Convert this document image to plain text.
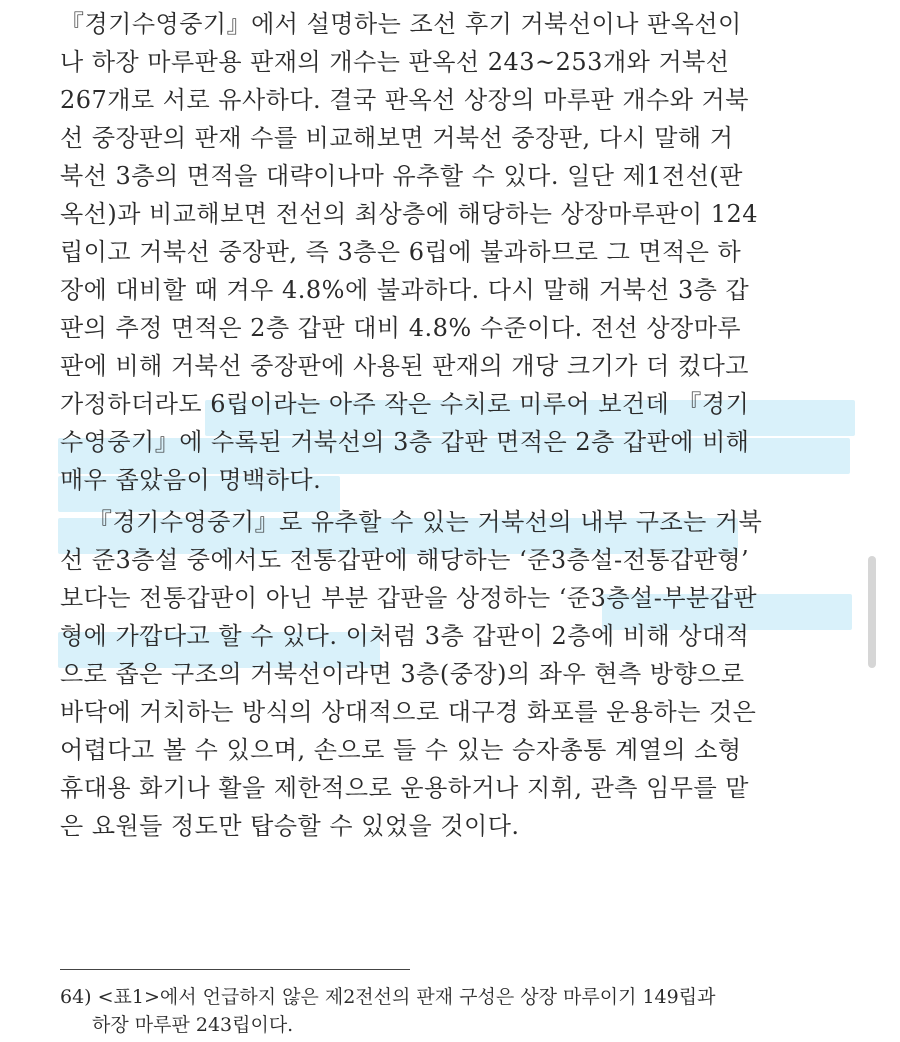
『경기수영중기』에서 설명하는 조선 후기 거북선이나 판옥선이
나 하장 마루판용 판재의 개수는 판옥선 243~253개와 거북선
267개로 서로 유사하다. 결국 판옥선 상장의 마루판 개수와 거북
선 중장판의 판재 수를 비교해보면 거북선 중장판, 다시 말해 거
북선 3층의 면적을 대략이나마 유추할 수 있다. 일단 제1전선(판
옥선)과 비교해보면 전선의 최상층에 해당하는 상장마루판이 124
립이고 거북선 중장판, 즉 3층은 6립에 불과하므로 그 면적은 하
장에 대비할 때 겨우 4.8%에 불과하다. 다시 말해 거북선 3층 갑
판의 추정 면적은 2층 갑판 대비 4.8% 수준이다. 전선 상장마루
판에 비해 거북선 중장판에 사용된 판재의 개당 크기가 더 컸다고
가정하더라도 6립이라는 아주 작은 수치로 미루어 보건데 『경기
수영중기』에 수록된 거북선의 3층 갑판 면적은 2층 갑판에 비해
매우 좁았음이 명백하다.
『경기수영중기』로 유추할 수 있는 거북선의 내부 구조는 거북
선 준3층설 중에서도 전통갑판에 해당하는 ‘준3층설-전통갑판형’
보다는 전통갑판이 아닌 부분 갑판을 상정하는 ‘준3층설-부분갑판
형에 가깝다고 할 수 있다. 이처럼 3층 갑판이 2층에 비해 상대적
으로 좁은 구조의 거북선이라면 3층(중장)의 좌우 현측 방향으로
바닥에 거치하는 방식의 상대적으로 대구경 화포를 운용하는 것은
어렵다고 볼 수 있으며, 손으로 들 수 있는 승자총통 계열의 소형
휴대용 화기나 활을 제한적으로 운용하거나 지휘, 관측 임무를 맡
은 요원들 정도만 탑승할 수 있었을 것이다.
64) <표1>에서 언급하지 않은 제2전선의 판재 구성은 상장 마루이기 149립과
하장 마루판 243립이다.
